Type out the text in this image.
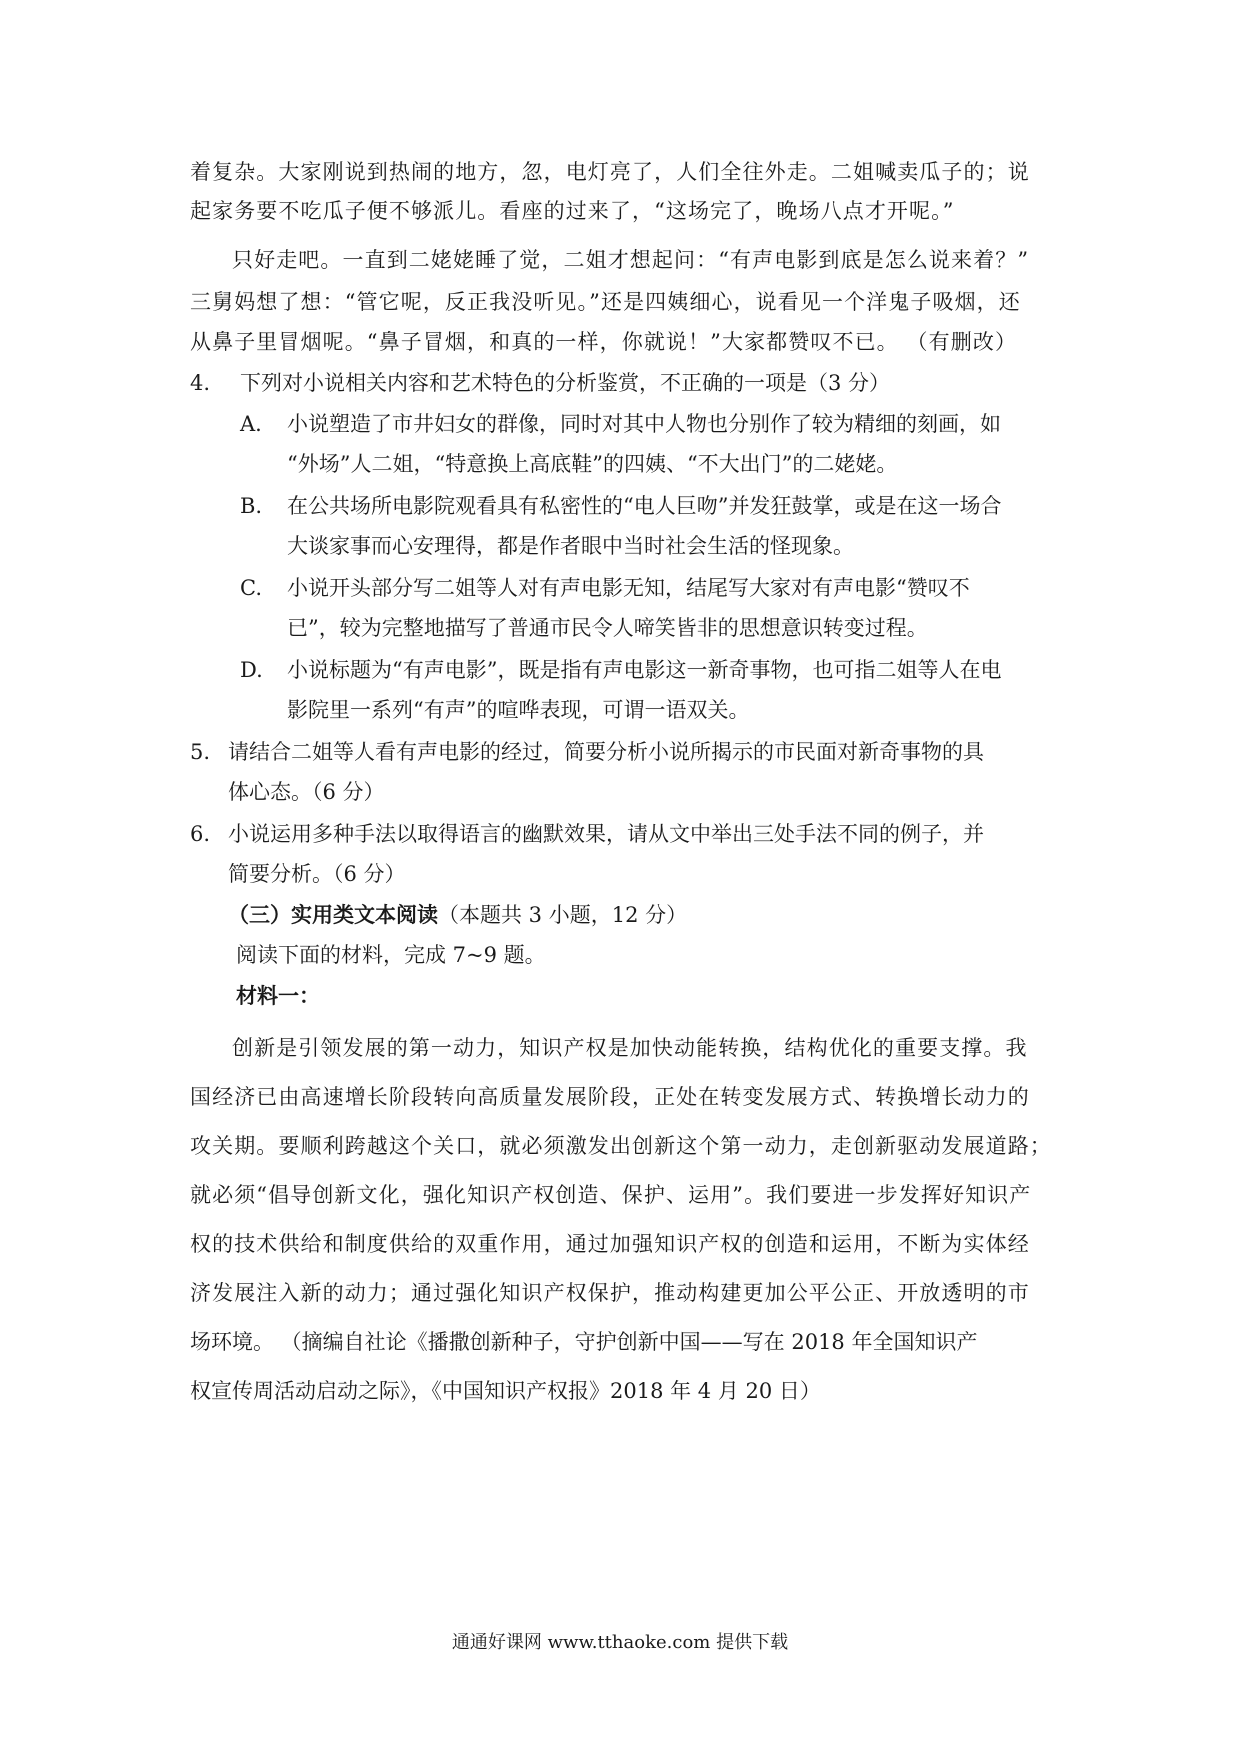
着复杂。大家刚说到热闹的地方，忽，电灯亮了，人们全往外走。二姐喊卖瓜子的；说
起家务要不吃瓜子便不够派儿。看座的过来了，“这场完了，晚场八点才开呢。”
只好走吧。一直到二姥姥睡了觉，二姐才想起问：“有声电影到底是怎么说来着？”
三舅妈想了想：“管它呢，反正我没听见。”还是四姨细心，说看见一个洋鬼子吸烟，还
从鼻子里冒烟呢。“鼻子冒烟，和真的一样，你就说！”大家都赞叹不已。 （有删改）
4. 下列对小说相关内容和艺术特色的分析鉴赏，不正确的一项是（3 分）
A. 小说塑造了市井妇女的群像，同时对其中人物也分别作了较为精细的刻画，如
“外场”人二姐，“特意换上高底鞋”的四姨、“不大出门”的二姥姥。
B. 在公共场所电影院观看具有私密性的“电人巨吻”并发狂鼓掌，或是在这一场合
大谈家事而心安理得，都是作者眼中当时社会生活的怪现象。
C. 小说开头部分写二姐等人对有声电影无知，结尾写大家对有声电影“赞叹不
已”，较为完整地描写了普通市民令人啼笑皆非的思想意识转变过程。
D. 小说标题为“有声电影”，既是指有声电影这一新奇事物，也可指二姐等人在电
影院里一系列“有声”的喧哗表现，可谓一语双关。
5. 请结合二姐等人看有声电影的经过，简要分析小说所揭示的市民面对新奇事物的具
体心态。（6 分）
6. 小说运用多种手法以取得语言的幽默效果，请从文中举出三处手法不同的例子，并
简要分析。（6 分）
（三）实用类文本阅读（本题共 3 小题，12 分）
阅读下面的材料，完成 7~9 题。
材料一：
创新是引领发展的第一动力，知识产权是加快动能转换，结构优化的重要支撑。我
国经济已由高速增长阶段转向高质量发展阶段，正处在转变发展方式、转换增长动力的
攻关期。要顺利跨越这个关口，就必须激发出创新这个第一动力，走创新驱动发展道路；
就必须“倡导创新文化，强化知识产权创造、保护、运用”。我们要进一步发挥好知识产
权的技术供给和制度供给的双重作用，通过加强知识产权的创造和运用，不断为实体经
济发展注入新的动力；通过强化知识产权保护，推动构建更加公平公正、开放透明的市
场环境。 （摘编自社论《播撒创新种子，守护创新中国——写在 2018 年全国知识产
权宣传周活动启动之际》，《中国知识产权报》2018 年 4 月 20 日）
通通好课网 www.tthaoke.com 提供下载
